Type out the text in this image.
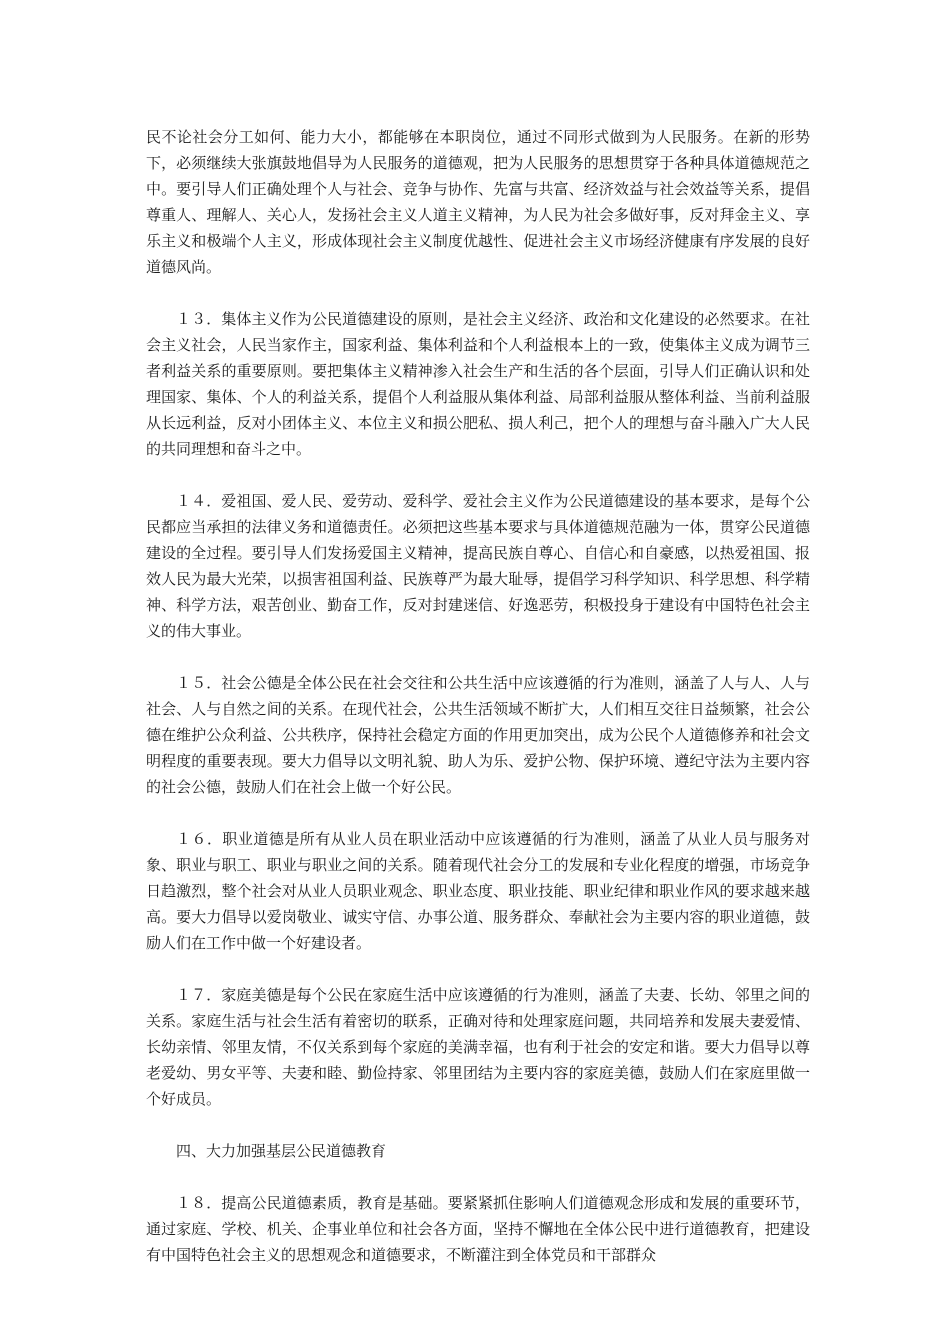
民不论社会分工如何、能力大小，都能够在本职岗位，通过不同形式做到为人民服务。在新的形势下，必须继续大张旗鼓地倡导为人民服务的道德观，把为人民服务的思想贯穿于各种具体道德规范之中。要引导人们正确处理个人与社会、竞争与协作、先富与共富、经济效益与社会效益等关系，提倡尊重人、理解人、关心人，发扬社会主义人道主义精神，为人民为社会多做好事，反对拜金主义、享乐主义和极端个人主义，形成体现社会主义制度优越性、促进社会主义市场经济健康有序发展的良好道德风尚。

１３．集体主义作为公民道德建设的原则，是社会主义经济、政治和文化建设的必然要求。在社会主义社会，人民当家作主，国家利益、集体利益和个人利益根本上的一致，使集体主义成为调节三者利益关系的重要原则。要把集体主义精神渗入社会生产和生活的各个层面，引导人们正确认识和处理国家、集体、个人的利益关系，提倡个人利益服从集体利益、局部利益服从整体利益、当前利益服从长远利益，反对小团体主义、本位主义和损公肥私、损人利己，把个人的理想与奋斗融入广大人民的共同理想和奋斗之中。

１４．爱祖国、爱人民、爱劳动、爱科学、爱社会主义作为公民道德建设的基本要求，是每个公民都应当承担的法律义务和道德责任。必须把这些基本要求与具体道德规范融为一体，贯穿公民道德建设的全过程。要引导人们发扬爱国主义精神，提高民族自尊心、自信心和自豪感，以热爱祖国、报效人民为最大光荣，以损害祖国利益、民族尊严为最大耻辱，提倡学习科学知识、科学思想、科学精神、科学方法，艰苦创业、勤奋工作，反对封建迷信、好逸恶劳，积极投身于建设有中国特色社会主义的伟大事业。

１５．社会公德是全体公民在社会交往和公共生活中应该遵循的行为准则，涵盖了人与人、人与社会、人与自然之间的关系。在现代社会，公共生活领域不断扩大，人们相互交往日益频繁，社会公德在维护公众利益、公共秩序，保持社会稳定方面的作用更加突出，成为公民个人道德修养和社会文明程度的重要表现。要大力倡导以文明礼貌、助人为乐、爱护公物、保护环境、遵纪守法为主要内容的社会公德，鼓励人们在社会上做一个好公民。

１６．职业道德是所有从业人员在职业活动中应该遵循的行为准则，涵盖了从业人员与服务对象、职业与职工、职业与职业之间的关系。随着现代社会分工的发展和专业化程度的增强，市场竞争日趋激烈，整个社会对从业人员职业观念、职业态度、职业技能、职业纪律和职业作风的要求越来越高。要大力倡导以爱岗敬业、诚实守信、办事公道、服务群众、奉献社会为主要内容的职业道德，鼓励人们在工作中做一个好建设者。

１７．家庭美德是每个公民在家庭生活中应该遵循的行为准则，涵盖了夫妻、长幼、邻里之间的关系。家庭生活与社会生活有着密切的联系，正确对待和处理家庭问题，共同培养和发展夫妻爱情、长幼亲情、邻里友情，不仅关系到每个家庭的美满幸福，也有利于社会的安定和谐。要大力倡导以尊老爱幼、男女平等、夫妻和睦、勤俭持家、邻里团结为主要内容的家庭美德，鼓励人们在家庭里做一个好成员。

四、大力加强基层公民道德教育

１８．提高公民道德素质，教育是基础。要紧紧抓住影响人们道德观念形成和发展的重要环节，通过家庭、学校、机关、企事业单位和社会各方面，坚持不懈地在全体公民中进行道德教育，把建设有中国特色社会主义的思想观念和道德要求，不断灌注到全体党员和干部群众
